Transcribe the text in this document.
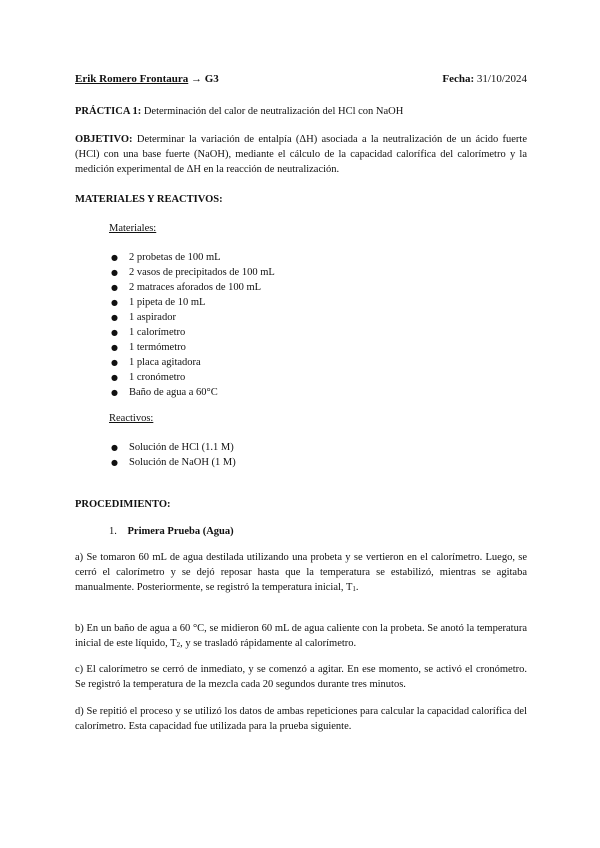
Erik Romero Frontaura → G3	Fecha: 31/10/2024
PRÁCTICA 1: Determinación del calor de neutralización del HCl con NaOH
OBJETIVO: Determinar la variación de entalpía (ΔH) asociada a la neutralización de un ácido fuerte (HCl) con una base fuerte (NaOH), mediante el cálculo de la capacidad calorífica del calorímetro y la medición experimental de ΔH en la reacción de neutralización.
MATERIALES Y REACTIVOS:
Materiales:
● 2 probetas de 100 mL
● 2 vasos de precipitados de 100 mL
● 2 matraces aforados de 100 mL
● 1 pipeta de 10 mL
● 1 aspirador
● 1 calorímetro
● 1 termómetro
● 1 placa agitadora
● 1 cronómetro
● Baño de agua a 60°C
Reactivos:
● Solución de HCl (1.1 M)
● Solución de NaOH (1 M)
PROCEDIMIENTO:
1. Primera Prueba (Agua)
a) Se tomaron 60 mL de agua destilada utilizando una probeta y se vertieron en el calorímetro. Luego, se cerró el calorímetro y se dejó reposar hasta que la temperatura se estabilizó, mientras se agitaba manualmente. Posteriormente, se registró la temperatura inicial, T1.
b) En un baño de agua a 60 °C, se midieron 60 mL de agua caliente con la probeta. Se anotó la temperatura inicial de este líquido, T2, y se trasladó rápidamente al calorímetro.
c) El calorímetro se cerró de inmediato, y se comenzó a agitar. En ese momento, se activó el cronómetro. Se registró la temperatura de la mezcla cada 20 segundos durante tres minutos.
d) Se repitió el proceso y se utilizó los datos de ambas repeticiones para calcular la capacidad calorífica del calorímetro. Esta capacidad fue utilizada para la prueba siguiente.
